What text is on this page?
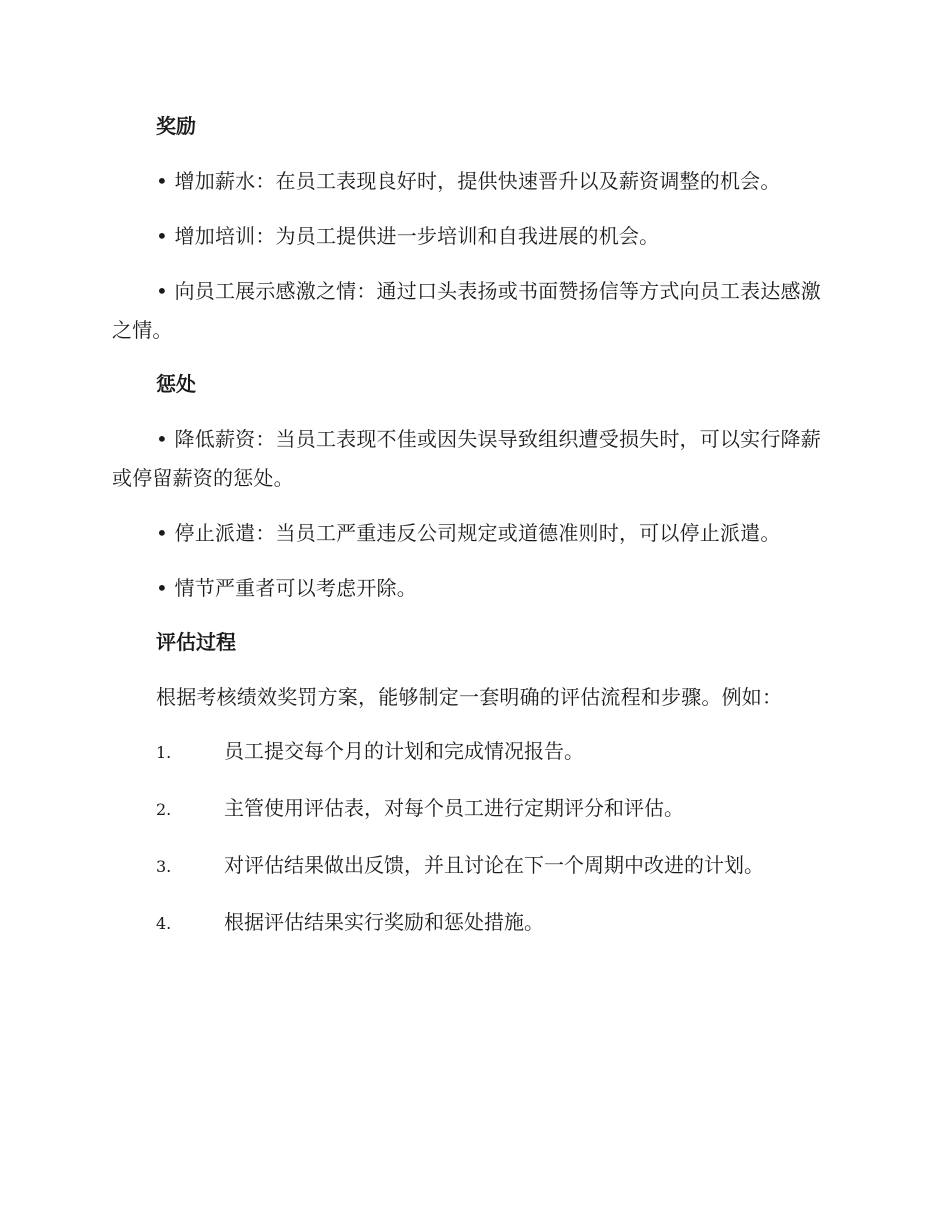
奖励

• 增加薪水：在员工表现良好时，提供快速晋升以及薪资调整的机会。

• 增加培训：为员工提供进一步培训和自我进展的机会。

• 向员工展示感激之情：通过口头表扬或书面赞扬信等方式向员工表达感激之情。

惩处

• 降低薪资：当员工表现不佳或因失误导致组织遭受损失时，可以实行降薪或停留薪资的惩处。

• 停止派遣：当员工严重违反公司规定或道德准则时，可以停止派遣。

• 情节严重者可以考虑开除。

评估过程

根据考核绩效奖罚方案，能够制定一套明确的评估流程和步骤。例如：

1.	员工提交每个月的计划和完成情况报告。
2.	主管使用评估表，对每个员工进行定期评分和评估。
3.	对评估结果做出反馈，并且讨论在下一个周期中改进的计划。
4.	根据评估结果实行奖励和惩处措施。
